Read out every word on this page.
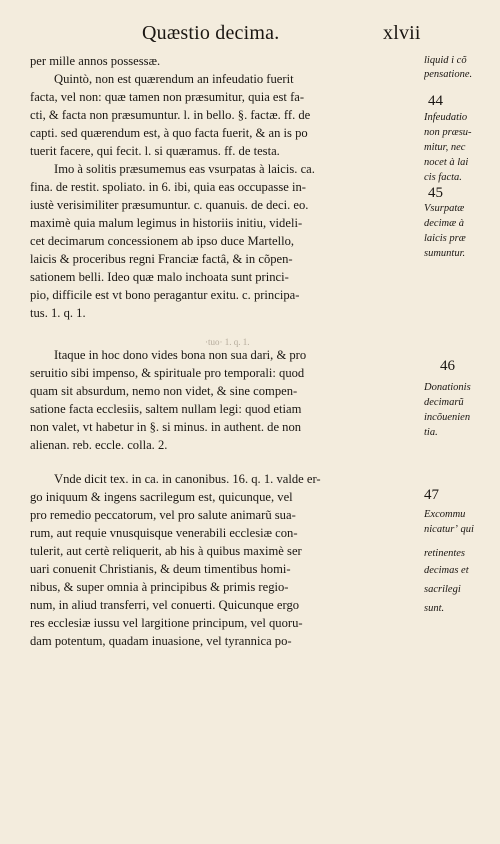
Quæstio decima.	xlvii
per mille annos possessæ.
Quintò, non est quærendum an infeudatio fuerit
facta, vel non: quæ tamen non præsumitur, quia est fa-
cti, & facta non præsumuntur. l. in bello. §. factæ. ff. de
capti. sed quærendum est, à quo facta fuerit, & an is po
tuerit facere, qui fecit. l. si quæramus. ff. de testa.
Imo à solitis præsumemus eas vsurpatas à laicis. ca.
fina. de restit. spoliato. in 6. ibi, quia eas occupasse in-
iustè verisimiliter præsumuntur. c. quanuis. de deci. eo.
maximè quia malum legimus in historiis initiu, videli-
cet decimarum concessionem ab ipso duce Martello,
laicis & proceribus regni Franciæ factâ, & in cõpen-
sationem belli. Ideo quæ malo inchoata sunt princi-
pio, difficile est vt bono peragantur exitu. c. principa-
tus. 1. q. 1.
·tuo· 1. q. 1.
Itaque in hoc dono vides bona non sua dari, & pro
seruitio sibi impenso, & spirituale pro temporali: quod
quam sit absurdum, nemo non videt, & sine compen-
satione facta ecclesiis, saltem nullam legi: quod etiam
non valet, vt habetur in §. si minus. in authent. de non
alienan. reb. eccle. colla. 2.
Vnde dicit tex. in ca. in canonibus. 16. q. 1. valde er-
go iniquum & ingens sacrilegum est, quicunque, vel
pro remedio peccatorum, vel pro salute animarũ sua-
rum, aut requie vnusquisque venerabili ecclesiæ con-
tulerit, aut certè reliquerit, ab his à quibus maximè ser
uari conuenit Christianis, & deum timentibus homi-
nibus, & super omnia à principibus & primis regio-
num, in aliud transferri, vel conuerti. Quicunque ergo
res ecclesiæ iussu vel largitione principum, vel quoru-
dam potentum, quadam inuasione, vel tyrannica po-
44
45
46
47
liquid i cõ
pensatione.
Infeudatio
non præsu-
mitur, nec
nocet à lai
cis facta.
Vsurpatæ
decimæ à
laicis præ
sumuntur.
Donationis
decimarũ
incõuenien
tia.
Excommu
nicaturʼ qui
retinentes
decimas et
sacrilegi
sunt.
